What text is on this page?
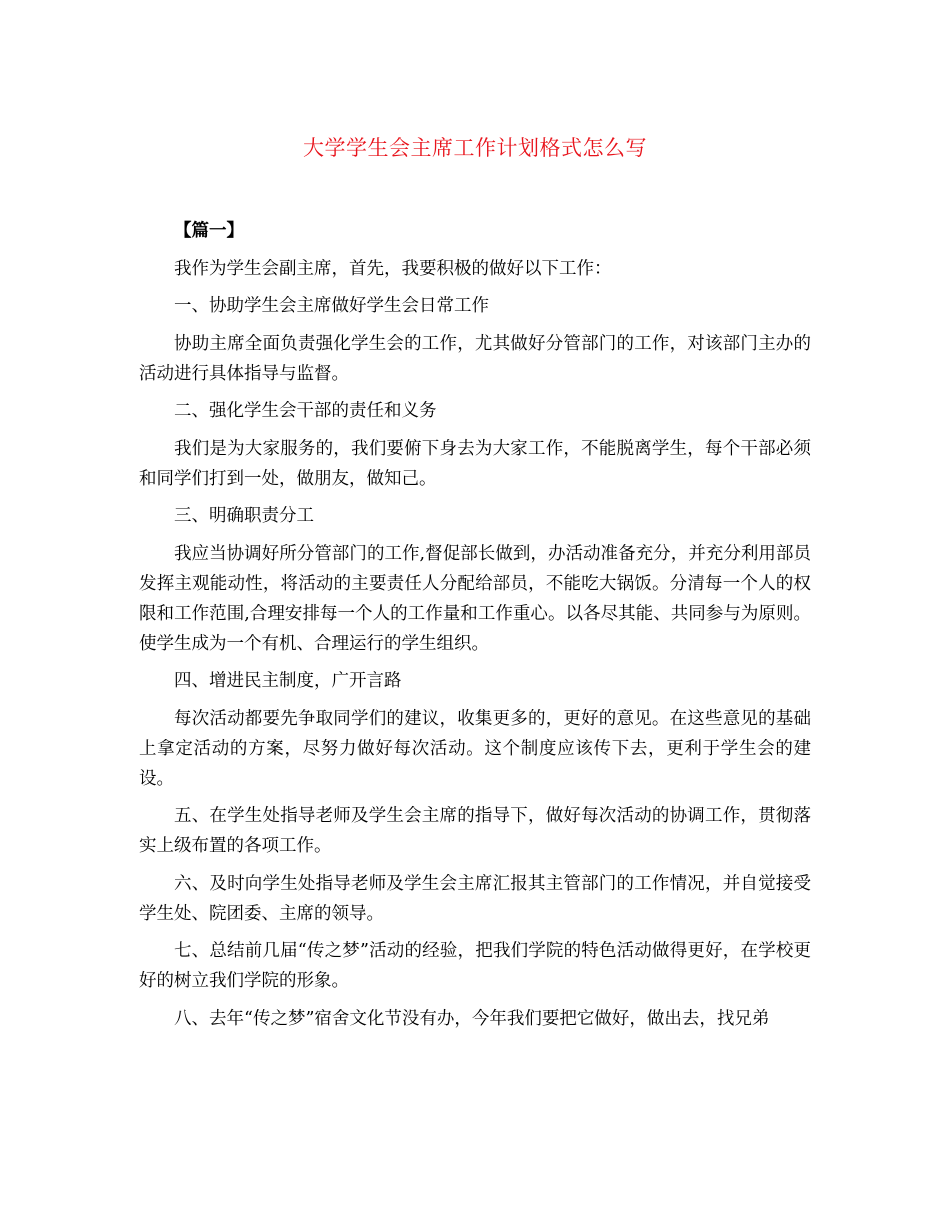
大学学生会主席工作计划格式怎么写

【篇一】

我作为学生会副主席，首先，我要积极的做好以下工作：

一、协助学生会主席做好学生会日常工作

协助主席全面负责强化学生会的工作，尤其做好分管部门的工作，对该部门主办的活动进行具体指导与监督。

二、强化学生会干部的责任和义务

我们是为大家服务的，我们要俯下身去为大家工作，不能脱离学生，每个干部必须和同学们打到一处，做朋友，做知己。

三、明确职责分工

我应当协调好所分管部门的工作,督促部长做到，办活动准备充分，并充分利用部员发挥主观能动性，将活动的主要责任人分配给部员，不能吃大锅饭。分清每一个人的权限和工作范围,合理安排每一个人的工作量和工作重心。以各尽其能、共同参与为原则。使学生成为一个有机、合理运行的学生组织。

四、增进民主制度，广开言路

每次活动都要先争取同学们的建议，收集更多的，更好的意见。在这些意见的基础上拿定活动的方案，尽努力做好每次活动。这个制度应该传下去，更利于学生会的建设。

五、在学生处指导老师及学生会主席的指导下，做好每次活动的协调工作，贯彻落实上级布置的各项工作。

六、及时向学生处指导老师及学生会主席汇报其主管部门的工作情况，并自觉接受学生处、院团委、主席的领导。

七、总结前几届“传之梦”活动的经验，把我们学院的特色活动做得更好，在学校更好的树立我们学院的形象。

八、去年“传之梦”宿舍文化节没有办，今年我们要把它做好，做出去，找兄弟
